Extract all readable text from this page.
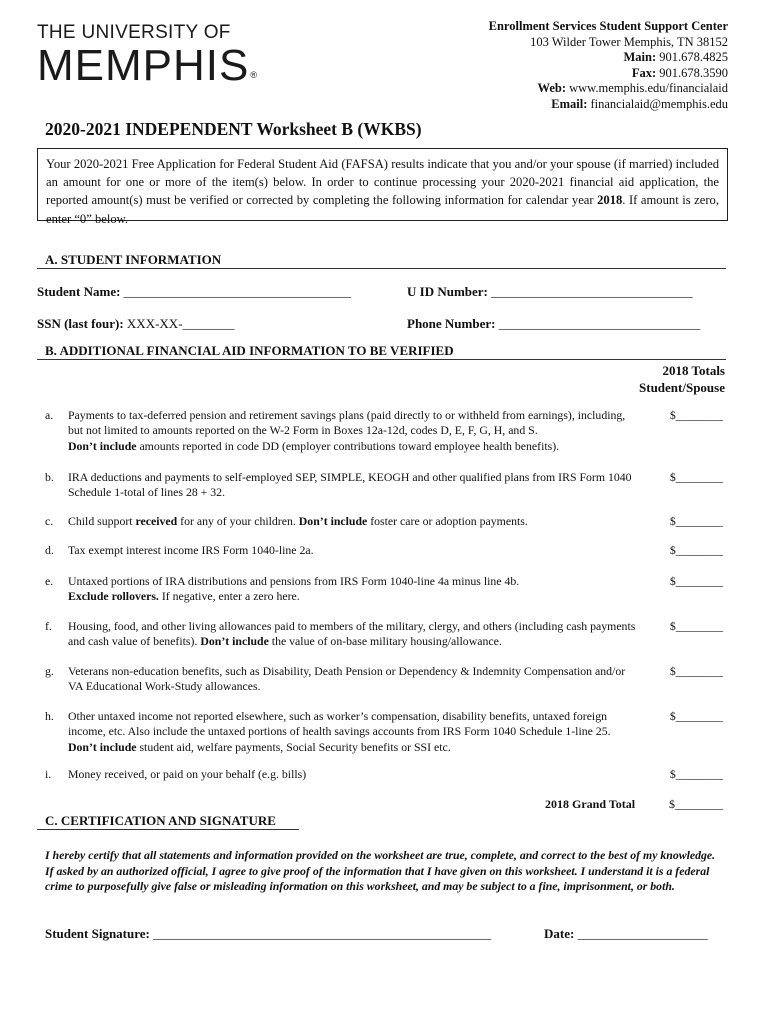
THE UNIVERSITY OF
MEMPHIS®
Enrollment Services Student Support Center
103 Wilder Tower Memphis, TN 38152
Main: 901.678.4825
Fax: 901.678.3590
Web: www.memphis.edu/financialaid
Email: financialaid@memphis.edu
2020-2021 INDEPENDENT Worksheet B (WKBS)
Your 2020-2021 Free Application for Federal Student Aid (FAFSA) results indicate that you and/or your spouse (if married) included an amount for one or more of the item(s) below. In order to continue processing your 2020-2021 financial aid application, the reported amount(s) must be verified or corrected by completing the following information for calendar year 2018. If amount is zero, enter “0” below.
A. STUDENT INFORMATION
Student Name: ___________________________________	U ID Number: _______________________________
SSN (last four): XXX-XX-________	Phone Number: _______________________________
B. ADDITIONAL FINANCIAL AID INFORMATION TO BE VERIFIED
2018 Totals
Student/Spouse
a. Payments to tax-deferred pension and retirement savings plans (paid directly to or withheld from earnings), including, but not limited to amounts reported on the W-2 Form in Boxes 12a-12d, codes D, E, F, G, H, and S.
Don’t include amounts reported in code DD (employer contributions toward employee health benefits).
$________
b. IRA deductions and payments to self-employed SEP, SIMPLE, KEOGH and other qualified plans from IRS Form 1040 Schedule 1-total of lines 28 + 32.
$________
c. Child support received for any of your children. Don’t include foster care or adoption payments.	$________
d. Tax exempt interest income IRS Form 1040-line 2a.	$________
e. Untaxed portions of IRA distributions and pensions from IRS Form 1040-line 4a minus line 4b.
Exclude rollovers. If negative, enter a zero here.
$________
f. Housing, food, and other living allowances paid to members of the military, clergy, and others (including cash payments and cash value of benefits). Don’t include the value of on-base military housing/allowance.
$________
g. Veterans non-education benefits, such as Disability, Death Pension or Dependency & Indemnity Compensation and/or VA Educational Work-Study allowances.
$________
h. Other untaxed income not reported elsewhere, such as worker’s compensation, disability benefits, untaxed foreign income, etc. Also include the untaxed portions of health savings accounts from IRS Form 1040 Schedule 1-line 25. Don’t include student aid, welfare payments, Social Security benefits or SSI etc.
$________
i. Money received, or paid on your behalf (e.g. bills)	$________
2018 Grand Total	$________
C. CERTIFICATION AND SIGNATURE
I hereby certify that all statements and information provided on the worksheet are true, complete, and correct to the best of my knowledge. If asked by an authorized official, I agree to give proof of the information that I have given on this worksheet. I understand it is a federal crime to purposefully give false or misleading information on this worksheet, and may be subject to a fine, imprisonment, or both.
Student Signature: ____________________________________________________	Date: ____________________
